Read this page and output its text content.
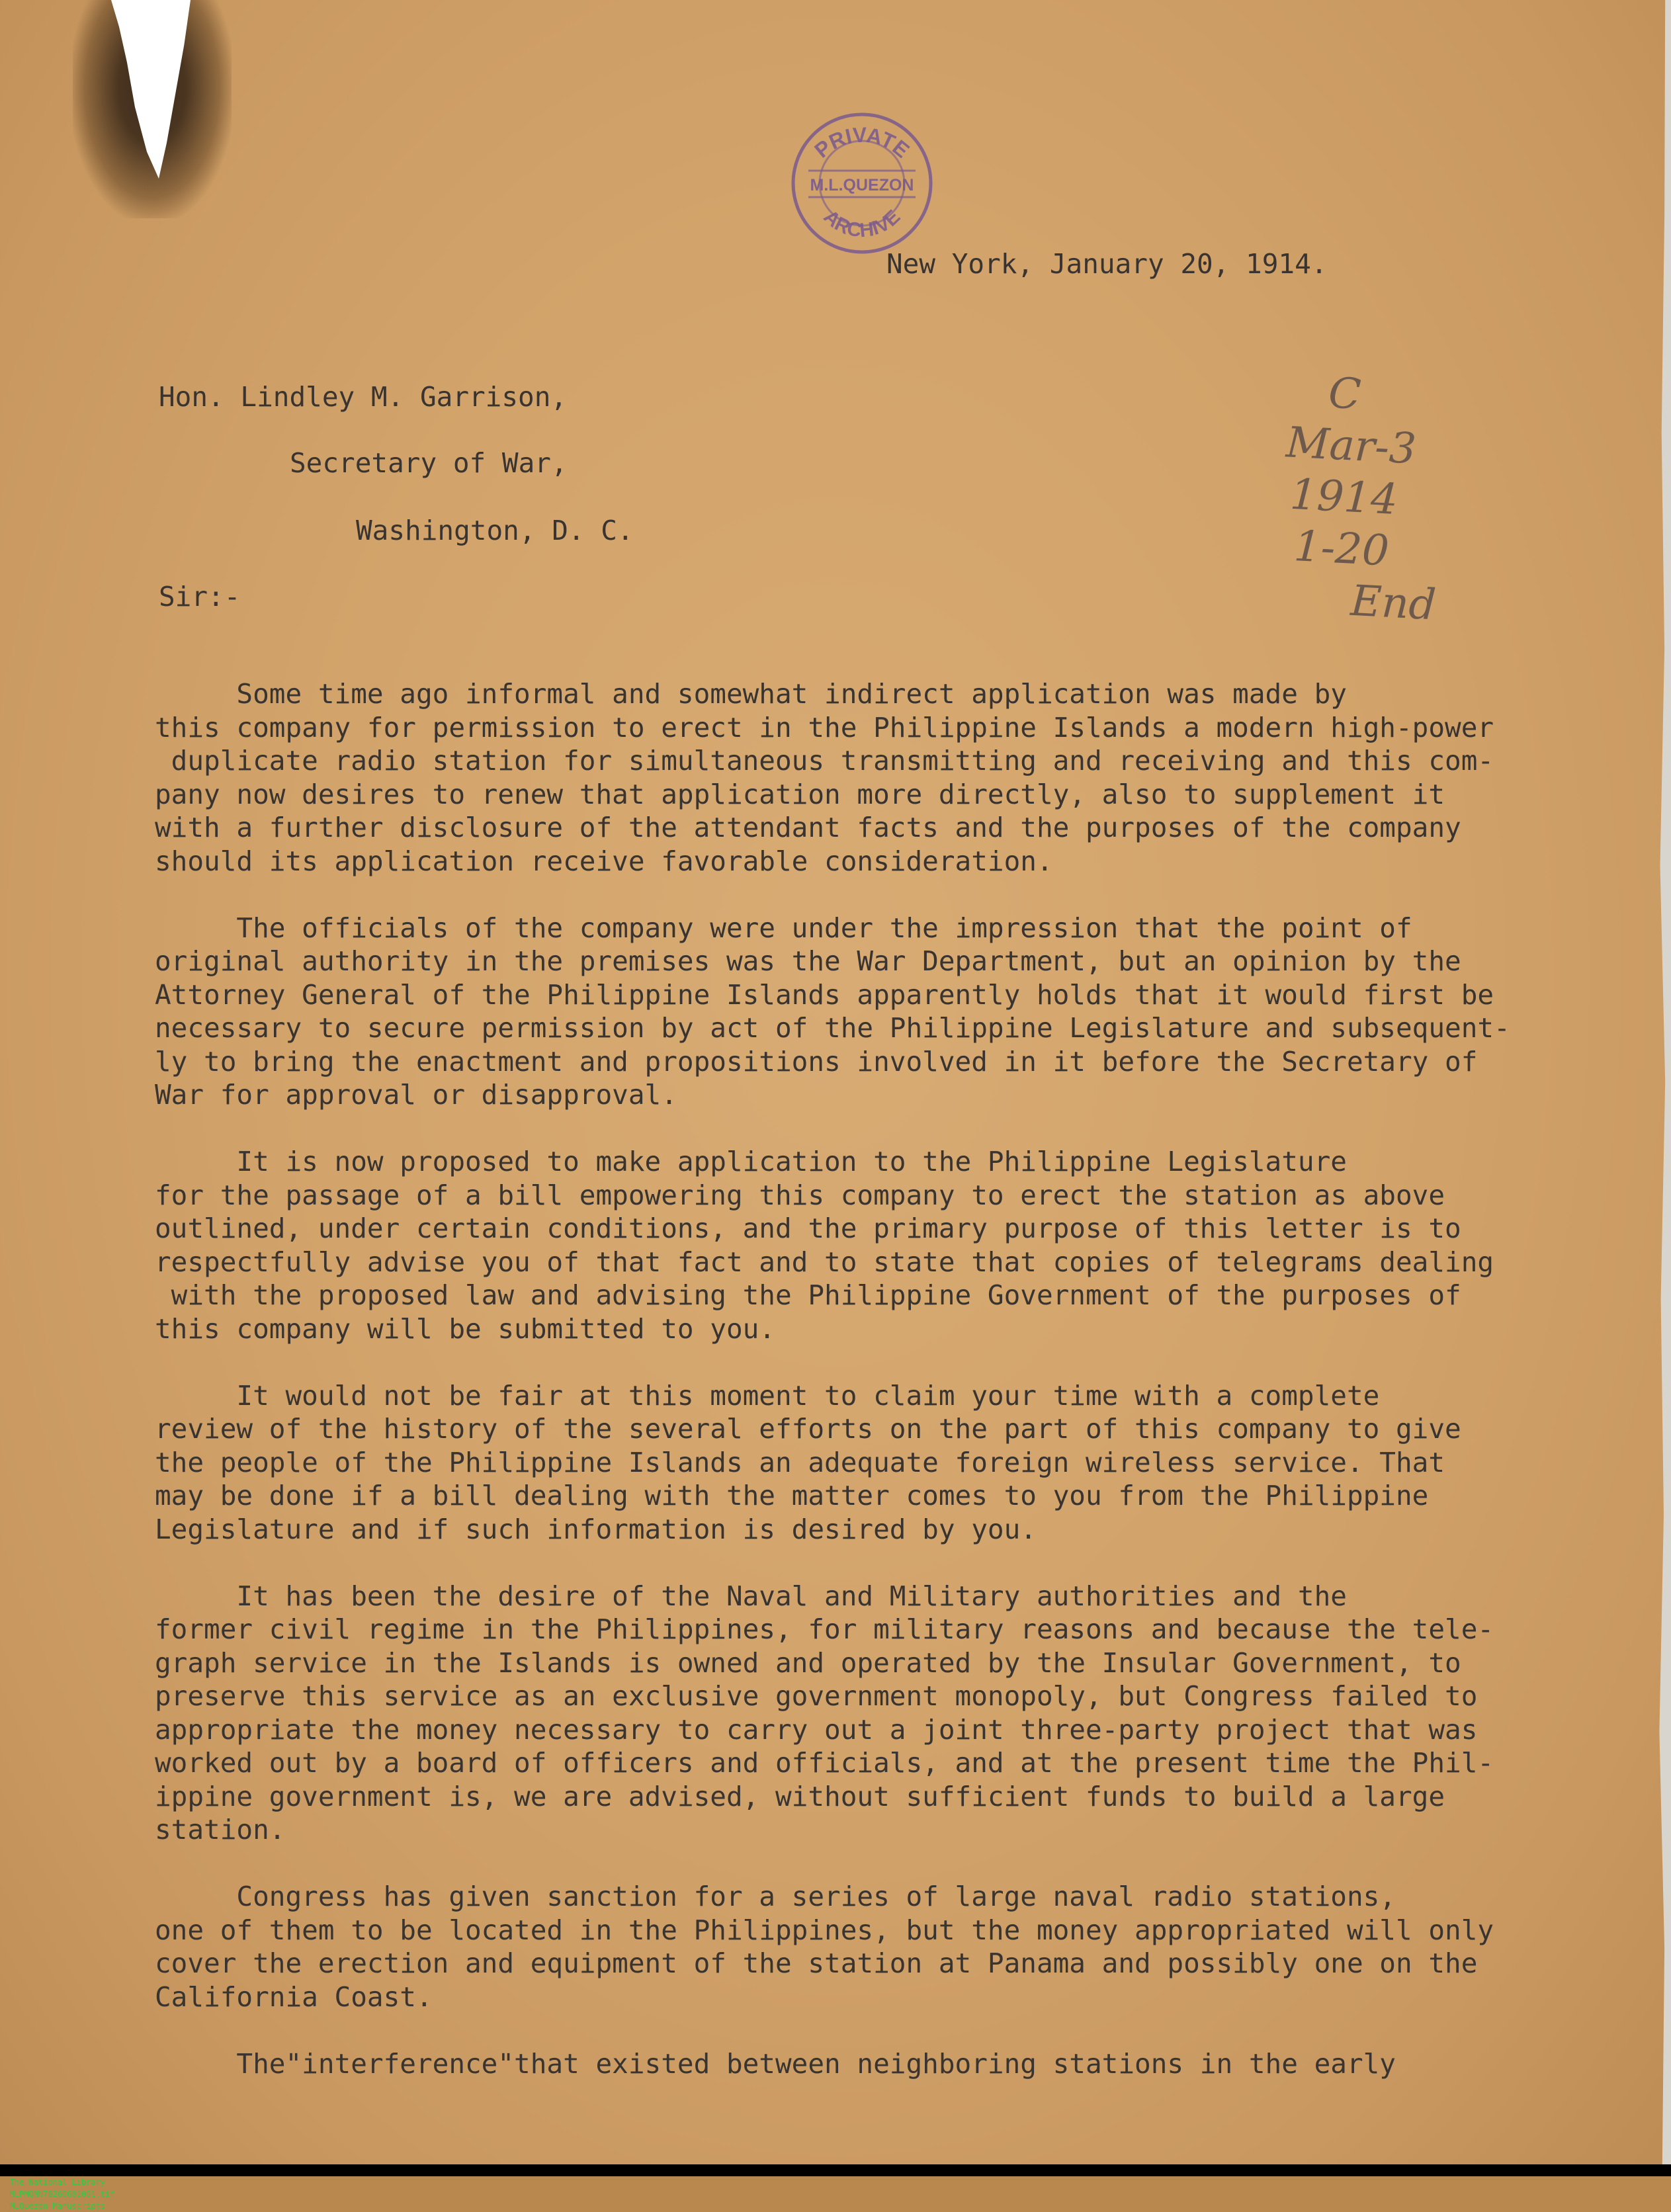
PRIVATE
M.L.QUEZON
ARCHIVE

New York, January 20, 1914.

Hon. Lindley M. Garrison,

Secretary of War,

Washington, D. C.

Sir:-

C
Mar-3
1914
1-20
End
Some time ago informal and somewhat indirect application was made by
this company for permission to erect in the Philippine Islands a modern high-power
duplicate radio station for simultaneous transmitting and receiving and this com-
pany now desires to renew that application more directly, also to supplement it
with a further disclosure of the attendant facts and the purposes of the company
should its application receive favorable consideration.
The officials of the company were under the impression that the point of
original authority in the premises was the War Department, but an opinion by the
Attorney General of the Philippine Islands apparently holds that it would first be
necessary to secure permission by act of the Philippine Legislature and subsequent-
ly to bring the enactment and propositions involved in it before the Secretary of
War for approval or disapproval.
It is now proposed to make application to the Philippine Legislature
for the passage of a bill empowering this company to erect the station as above
outlined, under certain conditions, and the primary purpose of this letter is to
respectfully advise you of that fact and to state that copies of telegrams dealing
with the proposed law and advising the Philippine Government of the purposes of
this company will be submitted to you.
It would not be fair at this moment to claim your time with a complete
review of the history of the several efforts on the part of this company to give
the people of the Philippine Islands an adequate foreign wireless service. That
may be done if a bill dealing with the matter comes to you from the Philippine
Legislature and if such information is desired by you.
It has been the desire of the Naval and Military authorities and the
former civil regime in the Philippines, for military reasons and because the tele-
graph service in the Islands is owned and operated by the Insular Government, to
preserve this service as an exclusive government monopoly, but Congress failed to
appropriate the money necessary to carry out a joint three-party project that was
worked out by a board of officers and officials, and at the present time the Phil-
ippine government is, we are advised, without sufficient funds to build a large
station.
Congress has given sanction for a series of large naval radio stations,
one of them to be located in the Philippines, but the money appropriated will only
cover the erection and equipment of the station at Panama and possibly one on the
California Coast.
The"interference"that existed between neighboring stations in the early

The National Library
MLPMQMN70260601001.tif
MLQuezon Manuscripts
